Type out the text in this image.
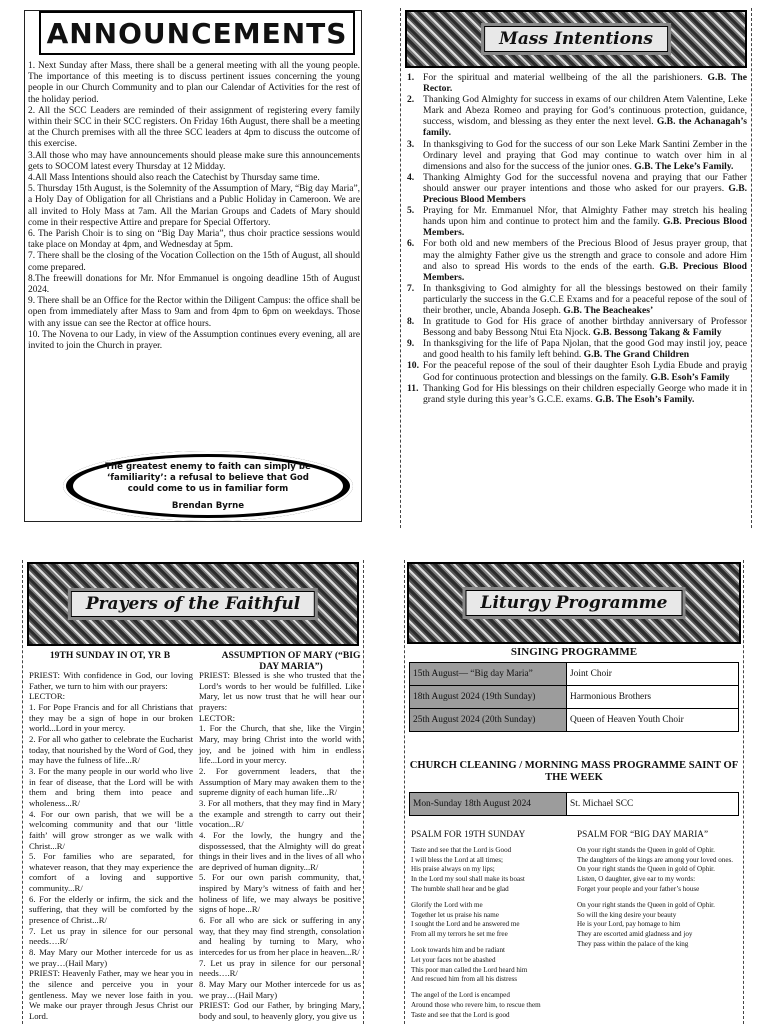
ANNOUNCEMENTS
1. Next Sunday after Mass, there shall be a general meeting with all the young people. The importance of this meeting is to discuss pertinent issues concerning the young people in our Church Community and to plan our Calendar of Activities for the rest of the holiday period.
2. All the SCC Leaders are reminded of their assignment of registering every family within their SCC in their SCC registers. On Friday 16th August, there shall be a meeting at the Church premises with all the three SCC leaders at 4pm to discuss the outcome of this exercise.
3.All those who may have announcements should please make sure this announcements gets to SOCOM latest every Thursday at 12 Midday.
4.All Mass Intentions should also reach the Catechist by Thursday same time.
5. Thursday 15th August, is the Solemnity of the Assumption of Mary, “Big day Maria”, a Holy Day of Obligation for all Christians and a Public Holiday in Cameroon. We are all invited to Holy Mass at 7am. All the Marian Groups and Cadets of Mary should come in their respective Attire and prepare for Special Offertory.
6. The Parish Choir is to sing on “Big Day Maria”, thus choir practice sessions would take place on Monday at 4pm, and Wednesday at 5pm.
7. There shall be the closing of the Vocation Collection on the 15th of August, all should come prepared.
8.The freewill donations for Mr. Nfor Emmanuel is ongoing deadline 15th of August 2024.
9. There shall be an Office for the Rector within the Diligent Campus: the office shall be open from immediately after Mass to 9am and from 4pm to 6pm on weekdays. Those with any issue can see the Rector at office hours.
10. The Novena to our Lady, in view of the Assumption continues every evening, all are invited to join the Church in prayer.
The greatest enemy to faith can simply be ‘familiarity’: a refusal to believe that God could come to us in familiar form
Brendan Byrne
Mass Intentions
1. For the spiritual and material wellbeing of the all the parishioners. G.B. The Rector.
2. Thanking God Almighty for success in exams of our children Atem Valentine, Leke Mark and Abeza Romeo and praying for God’s continuous protection, guidance, success, wisdom, and blessing as they enter the next level. G.B. the Achanagah’s family.
3. In thanksgiving to God for the success of our son Leke Mark Santini Zember in the Ordinary level and praying that God may continue to watch over him in al dimensions and also for the success of the junior ones. G.B. The Leke’s Family.
4. Thanking Almighty God for the successful novena and praying that our Father should answer our prayer intentions and those who asked for our prayers. G.B. Precious Blood Members
5. Praying for Mr. Emmanuel Nfor, that Almighty Father may stretch his healing hands upon him and continue to protect him and the family. G.B. Precious Blood Members.
6. For both old and new members of the Precious Blood of Jesus prayer group, that may the almighty Father give us the strength and grace to console and adore Him and also to spread His words to the ends of the earth. G.B. Precious Blood Members.
7. In thanksgiving to God almighty for all the blessings bestowed on their family particularly the success in the G.C.E Exams and for a peaceful repose of the soul of their brother, uncle, Abanda Joseph. G.B. The Beacheakes’
8. In gratitude to God for His grace of another birthday anniversary of Professor Bessong and baby Bessong Ntui Eta Njock. G.B. Bessong Takang & Family
9. In thanksgiving for the life of Papa Njolan, that the good God may instil joy, peace and good health to his family left behind. G.B. The Grand Children
10. For the peaceful repose of the soul of their daughter Esoh Lydia Ebude and prayig God for continuous protection and blessings on the family. G.B. Esoh’s Family
11. Thanking God for His blessings on their children especially George who made it in grand style during this year’s G.C.E. exams. G.B. The Esoh’s Family.
Prayers of the Faithful
19TH SUNDAY IN OT, YR B	ASSUMPTION OF MARY (“BIG DAY MARIA”)
PRIEST: With confidence in God, our loving Father, we turn to him with our prayers:
LECTOR:
1. For Pope Francis and for all Christians that they may be a sign of hope in our broken world...Lord in your mercy.
2. For all who gather to celebrate the Eucharist today, that nourished by the Word of God, they may have the fulness of life...R/
3. For the many people in our world who live in fear of disease, that the Lord will be with them and bring them into peace and wholeness...R/
4. For our own parish, that we will be a welcoming community and that our ‘little faith’ will grow stronger as we walk with Christ...R/
5. For families who are separated, for whatever reason, that they may experience the comfort of a loving and supportive community...R/
6. For the elderly or infirm, the sick and the suffering, that they will be comforted by the presence of Christ...R/
7. Let us pray in silence for our personal needs….R/
8. May Mary our Mother intercede for us as we pray…(Hail Mary)
PRIEST: Heavenly Father, may we hear you in the silence and perceive you in your gentleness. May we never lose faith in you. We make our prayer through Jesus Christ our Lord.
PRIEST: Blessed is she who trusted that the Lord’s words to her would be fulfilled. Like Mary, let us now trust that he will hear our prayers:
LECTOR:
1. For the Church, that she, like the Virgin Mary, may bring Christ into the world with joy, and be joined with him in endless life...Lord in your mercy.
2. For government leaders, that the Assumption of Mary may awaken them to the supreme dignity of each human life...R/
3. For all mothers, that they may find in Mary the example and strength to carry out their vocation...R/
4. For the lowly, the hungry and the dispossessed, that the Almighty will do great things in their lives and in the lives of all who are deprived of human dignity...R/
5. For our own parish community, that, inspired by Mary’s witness of faith and her holiness of life, we may always be positive signs of hope...R/
6. For all who are sick or suffering in any way, that they may find strength, consolation and healing by turning to Mary, who intercedes for us from her place in heaven...R/
7. Let us pray in silence for our personal needs….R/
8. May Mary our Mother intercede for us as we pray…(Hail Mary)
PRIEST: God our Father, by bringing Mary, body and soul, to heavenly glory, you give us
Liturgy Programme
SINGING PROGRAMME
15th August— “Big day Maria”	Joint Choir
18th August 2024 (19th Sunday)	Harmonious Brothers
25th August 2024 (20th Sunday)	Queen of Heaven Youth Choir
CHURCH CLEANING / MORNING MASS PROGRAMME SAINT OF THE WEEK
Mon-Sunday 18th August 2024	St. Michael SCC
PSALM FOR 19TH SUNDAY
Taste and see that the Lord is Good
I will bless the Lord at all times;
His praise always on my lips;
In the Lord my soul shall make its boast
The humble shall hear and be glad
Glorify the Lord with me
Together let us praise his name
I sought the Lord and he answered me
From all my terrors he set me free
Look towards him and be radiant
Let your faces not be abashed
This poor man called the Lord heard him
And rescued him from all his distress
The angel of the Lord is encamped
Around those who revere him, to rescue them
Taste and see that the Lord is good
PSALM FOR “BIG DAY MARIA”
On your right stands the Queen in gold of Ophir.
The daughters of the kings are among your loved ones.
On your right stands the Queen in gold of Ophir.
Listen, O daughter, give ear to my words:
Forget your people and your father’s house
On your right stands the Queen in gold of Ophir.
So will the king desire your beauty
He is your Lord, pay homage to him
They are escorted amid gladness and joy
They pass within the palace of the king
